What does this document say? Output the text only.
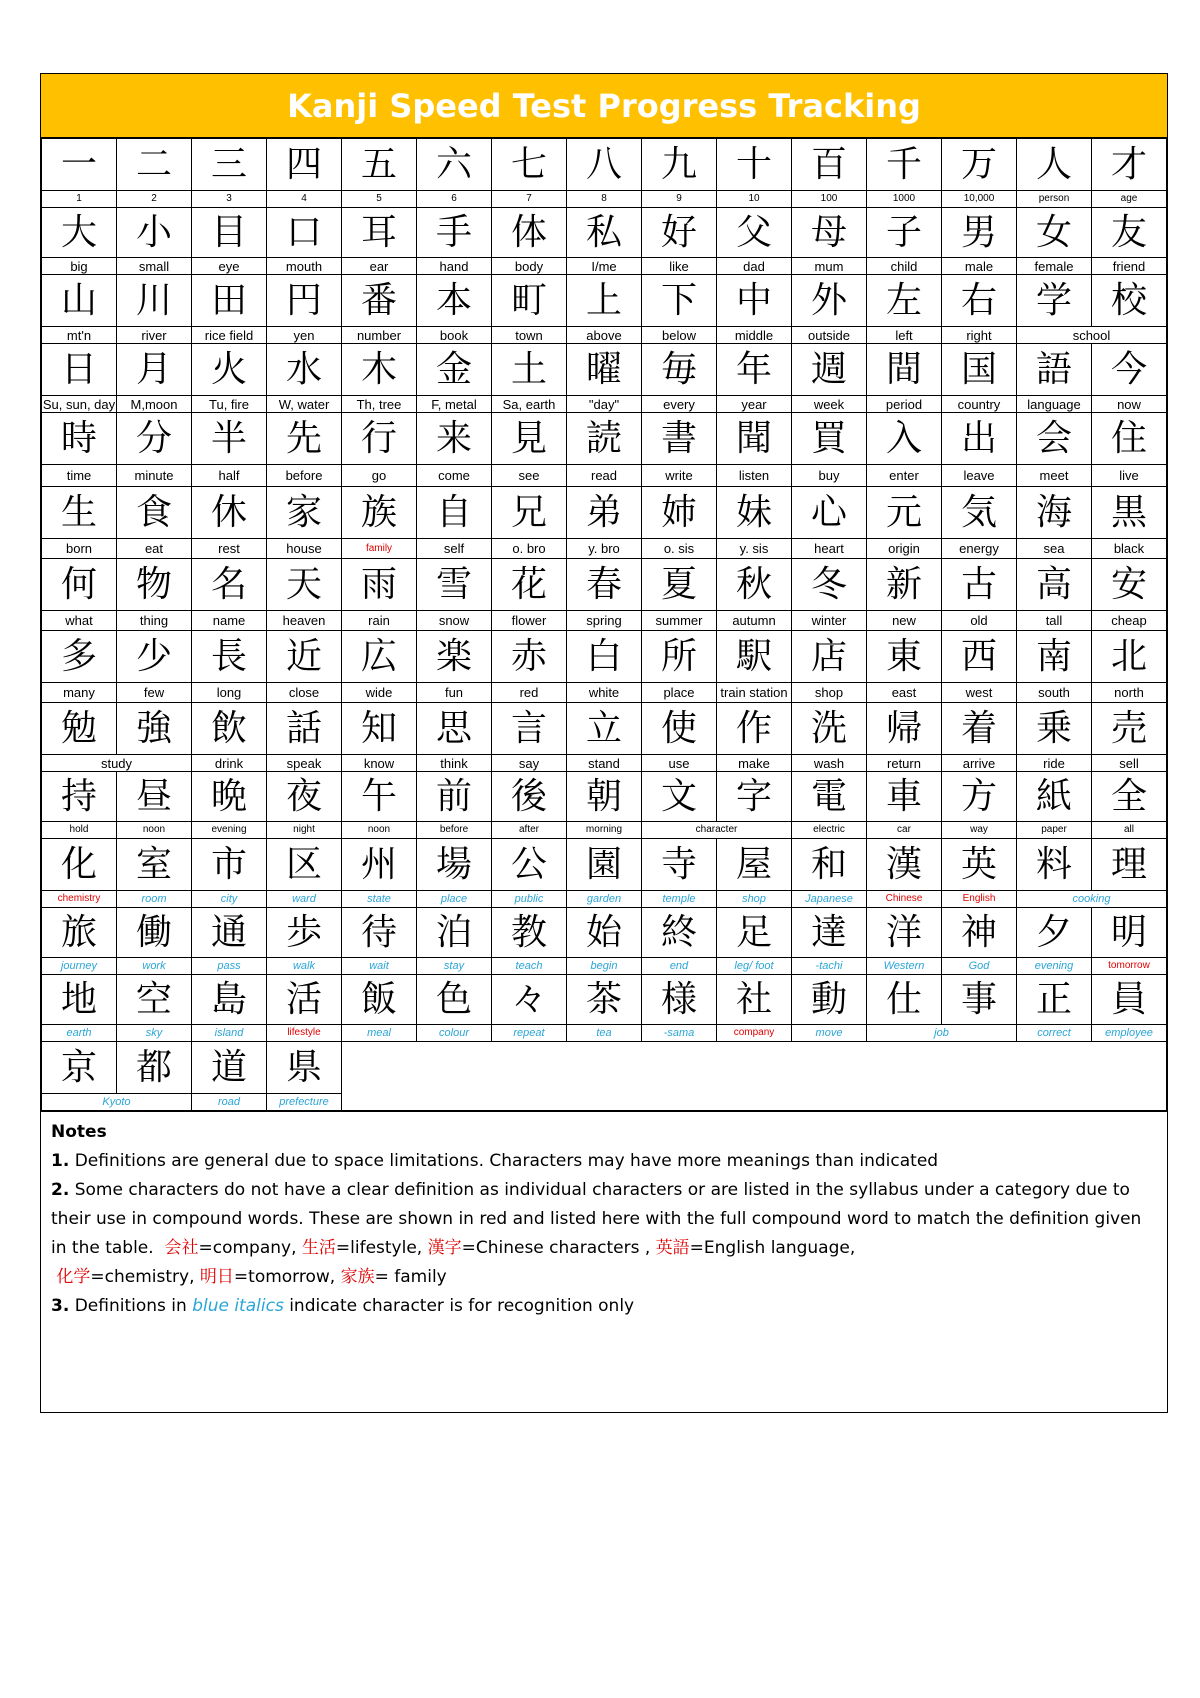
Kanji Speed Test Progress Tracking
一	二	三	四	五	六	七	八	九	十	百	千	万	人	才
1	2	3	4	5	6	7	8	9	10	100	1000	10,000	person	age
大	小	目	口	耳	手	体	私	好	父	母	子	男	女	友
big	small	eye	mouth	ear	hand	body	I/me	like	dad	mum	child	male	female	friend
山	川	田	円	番	本	町	上	下	中	外	左	右	学	校
mt'n	river	rice field	yen	number	book	town	above	below	middle	outside	left	right	school	
日	月	火	水	木	金	土	曜	毎	年	週	間	国	語	今
Su, sun, day	M,moon	Tu, fire	W, water	Th, tree	F, metal	Sa, earth	"day"	every	year	week	period	country	language	now
時	分	半	先	行	来	見	読	書	聞	買	入	出	会	住
time	minute	half	before	go	come	see	read	write	listen	buy	enter	leave	meet	live
生	食	休	家	族	自	兄	弟	姉	妹	心	元	気	海	黒
born	eat	rest	house	family	self	o. bro	y. bro	o. sis	y. sis	heart	origin	energy	sea	black
何	物	名	天	雨	雪	花	春	夏	秋	冬	新	古	高	安
what	thing	name	heaven	rain	snow	flower	spring	summer	autumn	winter	new	old	tall	cheap
多	少	長	近	広	楽	赤	白	所	駅	店	東	西	南	北
many	few	long	close	wide	fun	red	white	place	train station	shop	east	west	south	north
勉	強	飲	話	知	思	言	立	使	作	洗	帰	着	乗	売
study		drink	speak	know	think	say	stand	use	make	wash	return	arrive	ride	sell
持	昼	晩	夜	午	前	後	朝	文	字	電	車	方	紙	全
hold	noon	evening	night	noon	before	after	morning	character		electric	car	way	paper	all
化	室	市	区	州	場	公	園	寺	屋	和	漢	英	料	理
chemistry	room	city	ward	state	place	public	garden	temple	shop	Japanese	Chinese	English	cooking	
旅	働	通	歩	待	泊	教	始	終	足	達	洋	神	夕	明
journey	work	pass	walk	wait	stay	teach	begin	end	leg/ foot	-tachi	Western	God	evening	tomorrow
地	空	島	活	飯	色	々	茶	様	社	動	仕	事	正	員
earth	sky	island	lifestyle	meal	colour	repeat	tea	-sama	company	move	job		correct	employee
京	都	道	県											
Kyoto		road	prefecture											
Notes
1. Definitions are general due to space limitations. Characters may have more meanings than indicated
2. Some characters do not have a clear definition as individual characters or are listed in the syllabus under a category due to their use in compound words. These are shown in red and listed here with the full compound word to match the definition given in the table. 会社=company, 生活=lifestyle, 漢字=Chinese characters , 英語=English language,
化学=chemistry, 明日=tomorrow, 家族= family
3. Definitions in blue italics indicate character is for recognition only
